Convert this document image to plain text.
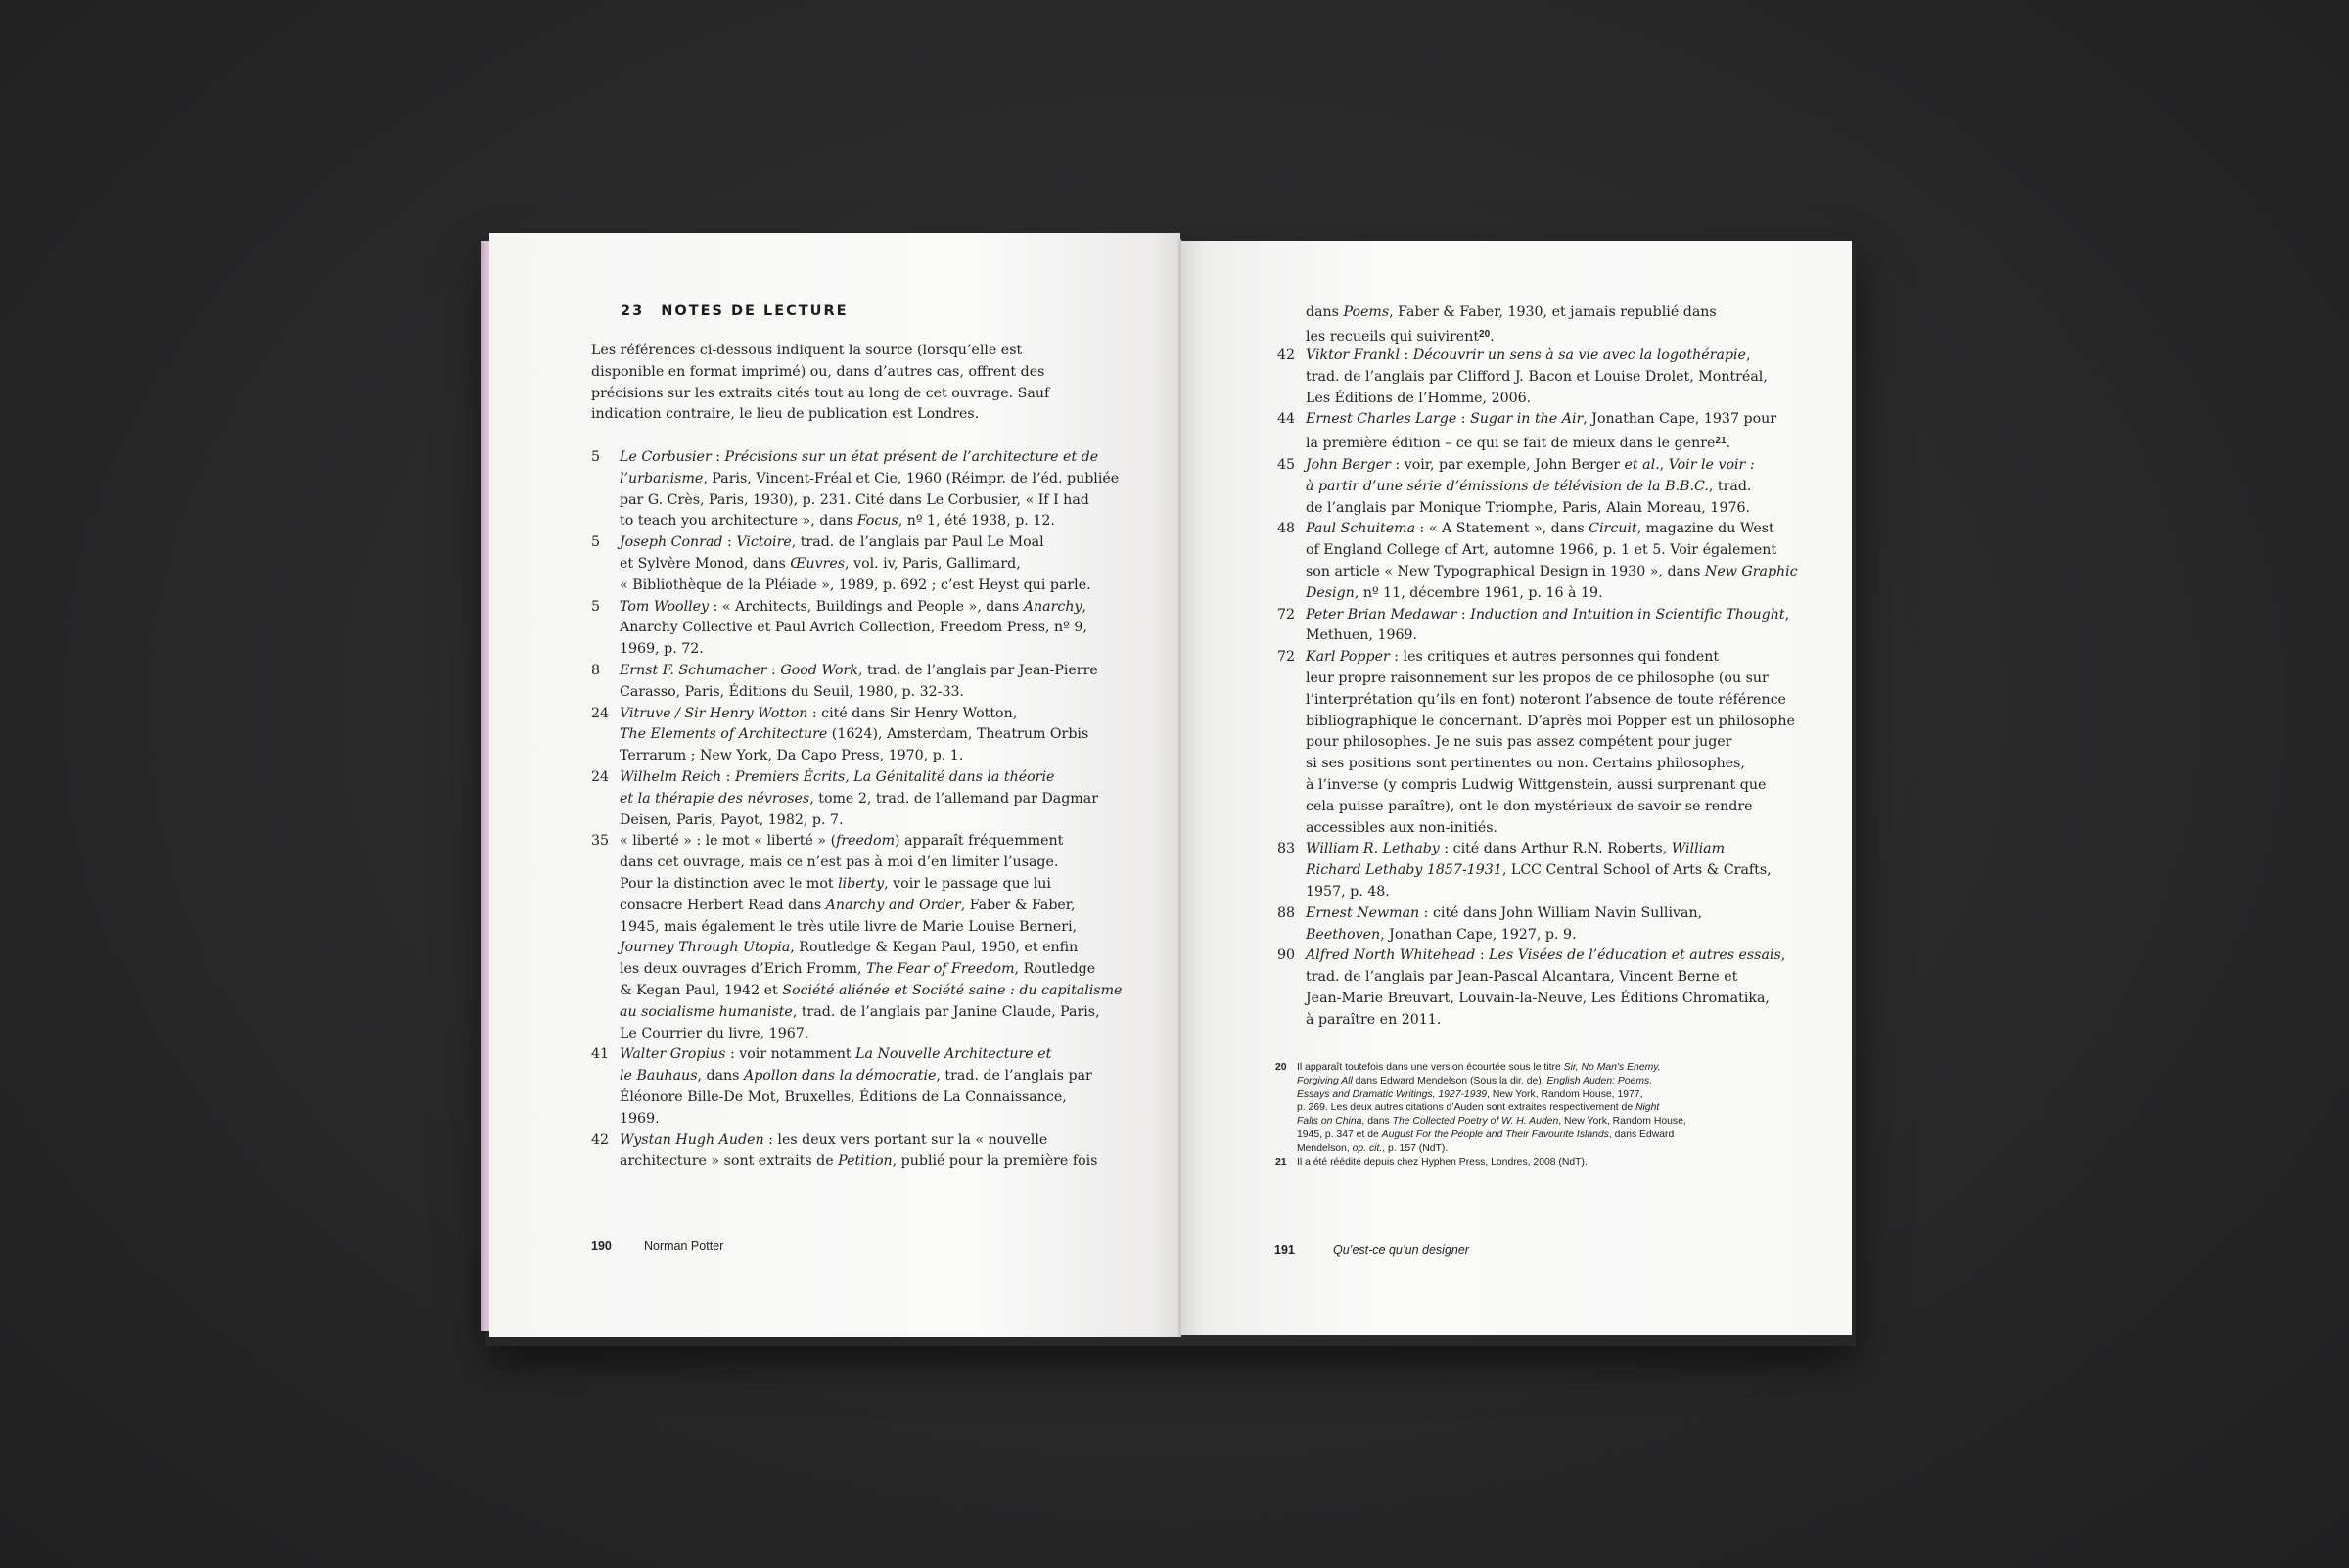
23 NOTES DE LECTURE
Les références ci-dessous indiquent la source (lorsqu’elle est disponible en format imprimé) ou, dans d’autres cas, offrent des précisions sur les extraits cités tout au long de cet ouvrage. Sauf indication contraire, le lieu de publication est Londres.
5 Le Corbusier : Précisions sur un état présent de l’architecture et de
l’urbanisme, Paris, Vincent-Fréal et Cie, 1960 (Réimpr. de l’éd. publiée
par G. Crès, Paris, 1930), p. 231. Cité dans Le Corbusier, « If I had
to teach you architecture », dans Focus, nº 1, été 1938, p. 12.
5 Joseph Conrad : Victoire, trad. de l’anglais par Paul Le Moal
et Sylvère Monod, dans Œuvres, vol. iv, Paris, Gallimard,
« Bibliothèque de la Pléiade », 1989, p. 692 ; c’est Heyst qui parle.
5 Tom Woolley : « Architects, Buildings and People », dans Anarchy,
Anarchy Collective et Paul Avrich Collection, Freedom Press, nº 9,
1969, p. 72.
8 Ernst F. Schumacher : Good Work, trad. de l’anglais par Jean-Pierre
Carasso, Paris, Éditions du Seuil, 1980, p. 32-33.
24 Vitruve / Sir Henry Wotton : cité dans Sir Henry Wotton,
The Elements of Architecture (1624), Amsterdam, Theatrum Orbis
Terrarum ; New York, Da Capo Press, 1970, p. 1.
24 Wilhelm Reich : Premiers Écrits, La Génitalité dans la théorie
et la thérapie des névroses, tome 2, trad. de l’allemand par Dagmar
Deisen, Paris, Payot, 1982, p. 7.
35 « liberté » : le mot « liberté » (freedom) apparaît fréquemment
dans cet ouvrage, mais ce n’est pas à moi d’en limiter l’usage.
Pour la distinction avec le mot liberty, voir le passage que lui
consacre Herbert Read dans Anarchy and Order, Faber & Faber,
1945, mais également le très utile livre de Marie Louise Berneri,
Journey Through Utopia, Routledge & Kegan Paul, 1950, et enfin
les deux ouvrages d’Erich Fromm, The Fear of Freedom, Routledge
& Kegan Paul, 1942 et Société aliénée et Société saine : du capitalisme
au socialisme humaniste, trad. de l’anglais par Janine Claude, Paris,
Le Courrier du livre, 1967.
41 Walter Gropius : voir notamment La Nouvelle Architecture et
le Bauhaus, dans Apollon dans la démocratie, trad. de l’anglais par
Éléonore Bille-De Mot, Bruxelles, Éditions de La Connaissance,
1969.
42 Wystan Hugh Auden : les deux vers portant sur la « nouvelle
architecture » sont extraits de Petition, publié pour la première fois
190	Norman Potter
dans Poems, Faber & Faber, 1930, et jamais republié dans
les recueils qui suivirent$^{20}$.
42 Viktor Frankl : Découvrir un sens à sa vie avec la logothérapie,
trad. de l’anglais par Clifford J. Bacon et Louise Drolet, Montréal,
Les Éditions de l’Homme, 2006.
44 Ernest Charles Large : Sugar in the Air, Jonathan Cape, 1937 pour
la première édition – ce qui se fait de mieux dans le genre$^{21}$.
45 John Berger : voir, par exemple, John Berger et al., Voir le voir :
à partir d’une série d’émissions de télévision de la B.B.C., trad.
de l’anglais par Monique Triomphe, Paris, Alain Moreau, 1976.
48 Paul Schuitema : « A Statement », dans Circuit, magazine du West
of England College of Art, automne 1966, p. 1 et 5. Voir également
son article « New Typographical Design in 1930 », dans New Graphic
Design, nº 11, décembre 1961, p. 16 à 19.
72 Peter Brian Medawar : Induction and Intuition in Scientific Thought,
Methuen, 1969.
72 Karl Popper : les critiques et autres personnes qui fondent
leur propre raisonnement sur les propos de ce philosophe (ou sur
l’interprétation qu’ils en font) noteront l’absence de toute référence
bibliographique le concernant. D’après moi Popper est un philosophe
pour philosophes. Je ne suis pas assez compétent pour juger
si ses positions sont pertinentes ou non. Certains philosophes,
à l’inverse (y compris Ludwig Wittgenstein, aussi surprenant que
cela puisse paraître), ont le don mystérieux de savoir se rendre
accessibles aux non-initiés.
83 William R. Lethaby : cité dans Arthur R.N. Roberts, William
Richard Lethaby 1857-1931, LCC Central School of Arts & Crafts,
1957, p. 48.
88 Ernest Newman : cité dans John William Navin Sullivan,
Beethoven, Jonathan Cape, 1927, p. 9.
90 Alfred North Whitehead : Les Visées de l’éducation et autres essais,
trad. de l’anglais par Jean-Pascal Alcantara, Vincent Berne et
Jean-Marie Breuvart, Louvain-la-Neuve, Les Éditions Chromatika,
à paraître en 2011.
20 Il apparaît toutefois dans une version écourtée sous le titre Sir, No Man’s Enemy,
Forgiving All dans Edward Mendelson (Sous la dir. de), English Auden: Poems,
Essays and Dramatic Writings, 1927-1939, New York, Random House, 1977,
p. 269. Les deux autres citations d’Auden sont extraites respectivement de Night
Falls on China, dans The Collected Poetry of W. H. Auden, New York, Random House,
1945, p. 347 et de August For the People and Their Favourite Islands, dans Edward
Mendelson, op. cit., p. 157 (NdT).
21 Il a été réédité depuis chez Hyphen Press, Londres, 2008 (NdT).
191	Qu’est-ce qu’un designer
